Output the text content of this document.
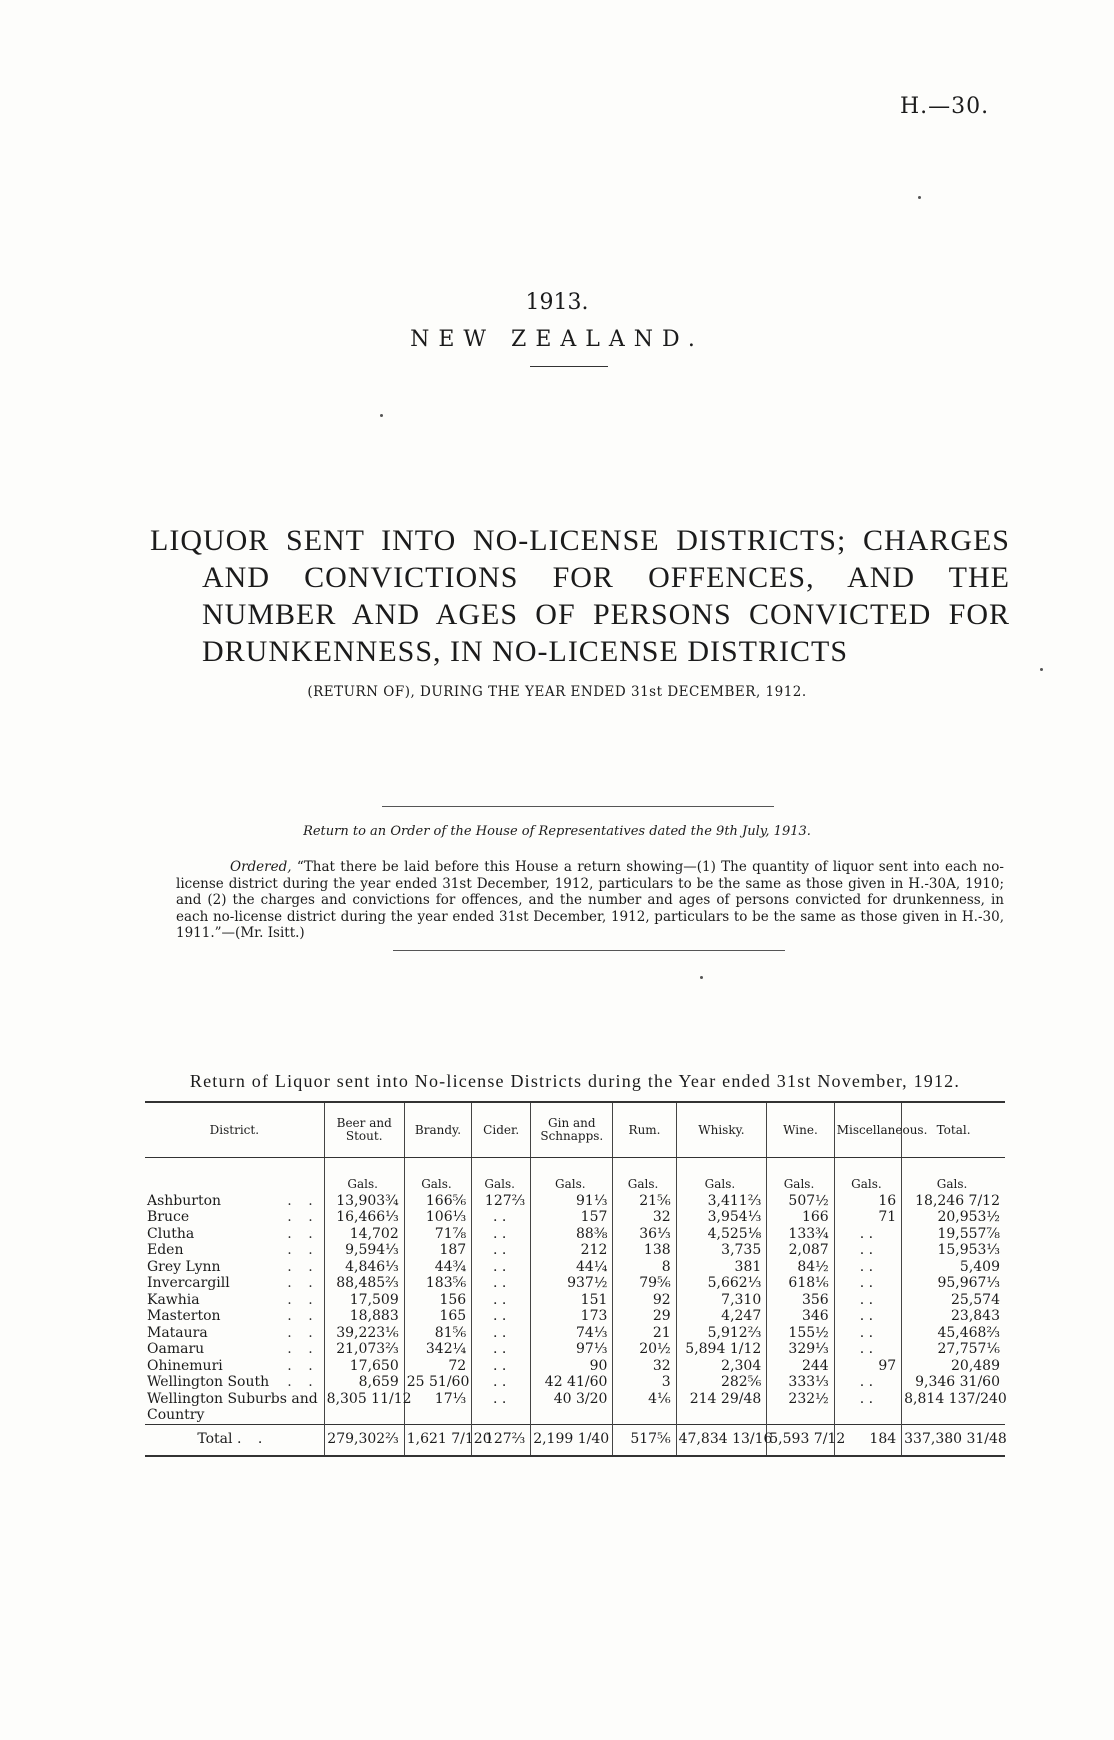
H.—30.
1913.
NEW ZEALAND.
LIQUOR SENT INTO NO-LICENSE DISTRICTS; CHARGES AND CONVICTIONS FOR OFFENCES, AND THE NUMBER AND AGES OF PERSONS CONVICTED FOR DRUNKENNESS, IN NO-LICENSE DISTRICTS
(RETURN OF), DURING THE YEAR ENDED 31st DECEMBER, 1912.
Return to an Order of the House of Representatives dated the 9th July, 1913.
Ordered, “That there be laid before this House a return showing—(1) The quantity of liquor sent into each no-license district during the year ended 31st December, 1912, particulars to be the same as those given in H.-30A, 1910; and (2) the charges and convictions for offences, and the number and ages of persons convicted for drunkenness, in each no-license district during the year ended 31st December, 1912, particulars to be the same as those given in H.-30, 1911.”—(Mr. Isitt.)
Return of Liquor sent into No-license Districts during the Year ended 31st November, 1912.
District.	Beer and Stout.	Brandy.	Cider.	Gin and Schnapps.	Rum.	Whisky.	Wine.	Miscellaneous.	Total.
	Gals.	Gals.	Gals.	Gals.	Gals.	Gals.	Gals.	Gals.	Gals.
Ashburton . .	13,903¾	166⅚	127⅔	91⅓	21⅚	3,411⅔	507½	16	18,246 7/12
Bruce . .	16,466⅓	106⅓	. .	157	32	3,954⅓	166	71	20,953½
Clutha . .	14,702	71⅞	. .	88⅜	36⅓	4,525⅛	133¾	. .	19,557⅞
Eden . .	9,594⅓	187	. .	212	138	3,735	2,087	. .	15,953⅓
Grey Lynn . .	4,846⅓	44¾	. .	44¼	8	381	84½	. .	5,409
Invercargill . .	88,485⅔	183⅚	. .	937½	79⅚	5,662⅓	618⅙	. .	95,967⅓
Kawhia . .	17,509	156	. .	151	92	7,310	356	. .	25,574
Masterton . .	18,883	165	. .	173	29	4,247	346	. .	23,843
Mataura . .	39,223⅙	81⅚	. .	74⅓	21	5,912⅔	155½	. .	45,468⅔
Oamaru . .	21,073⅔	342¼	. .	97⅓	20½	5,894 1/12	329⅓	. .	27,757⅙
Ohinemuri . .	17,650	72	. .	90	32	2,304	244	97	20,489
Wellington South . .	8,659	25 51/60	. .	42 41/60	3	282⅚	333⅓	. .	9,346 31/60
Wellington Suburbs and	8,305 11/12	17⅓	. .	40 3/20	4⅙	214 29/48	232½	. .	8,814 137/240
Country									
Total . .	279,302⅔	1,621 7/120	127⅔	2,199 1/40	517⅚	47,834 13/16	5,593 7/12	184	337,380 31/48
